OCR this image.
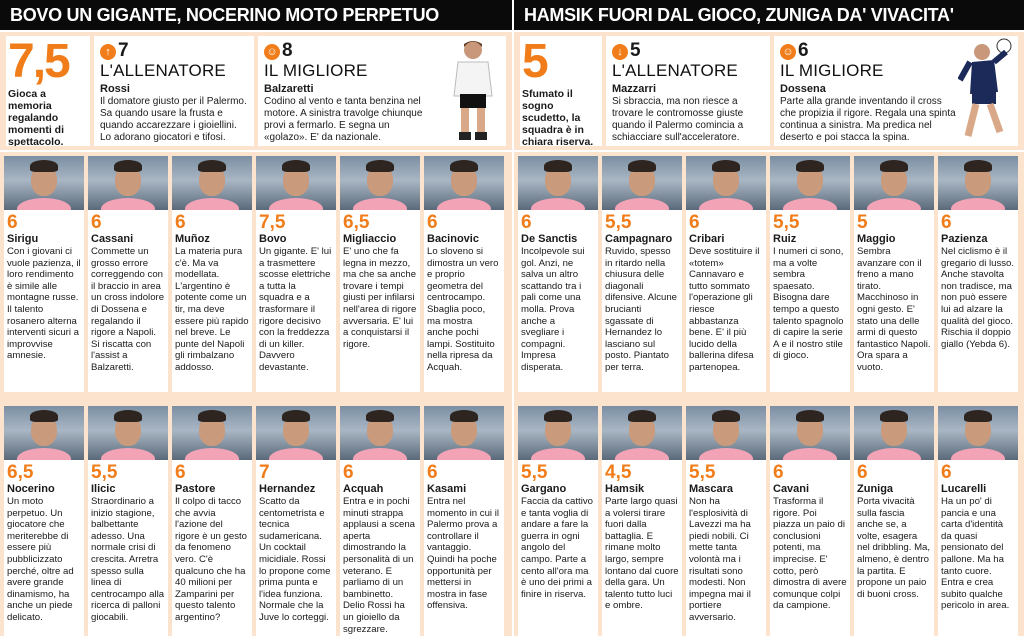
BOVO UN GIGANTE, NOCERINO MOTO PERPETUO
7,5
Gioca a memoria regalando momenti di spettacolo.
↑ 7
L'ALLENATORE
Rossi
Il domatore giusto per il Palermo. Sa quando usare la frusta e quando accarezzare i gioiellini. Lo adorano giocatori e tifosi.
☺ 8
IL MIGLIORE
Balzaretti
Codino al vento e tanta benzina nel motore. A sinistra travolge chiunque provi a fermarlo. E segna un «golazo». E' da nazionale.
6
Sirigu
Con i giovani ci vuole pazienza, il loro rendimento è simile alle montagne russe. Il talento rosanero alterna interventi sicuri a improvvise amnesie.
6
Cassani
Commette un grosso errore correggendo con il braccio in area un cross indolore di Dossena e regalando il rigore a Napoli. Si riscatta con l'assist a Balzaretti.
6
Muñoz
La materia pura c'è. Ma va modellata. L'argentino è potente come un tir, ma deve essere più rapido nel breve. Le punte del Napoli gli rimbalzano addosso.
7,5
Bovo
Un gigante. E' lui a trasmettere scosse elettriche a tutta la squadra e a trasformare il rigore decisivo con la freddezza di un killer. Davvero devastante.
6,5
Migliaccio
E' uno che fa legna in mezzo, ma che sa anche trovare i tempi giusti per infilarsi nell'area di rigore avversaria. E' lui a conquistarsi il rigore.
6
Bacinovic
Lo sloveno si dimostra un vero e proprio geometra del centrocampo. Sbaglia poco, ma mostra anche pochi lampi. Sostituito nella ripresa da Acquah.
6,5
Nocerino
Un moto perpetuo. Un giocatore che meriterebbe di essere più pubblicizzato perché, oltre ad avere grande dinamismo, ha anche un piede delicato.
5,5
Ilicic
Straordinario a inizio stagione, balbettante adesso. Una normale crisi di crescita. Arretra spesso sulla linea di centrocampo alla ricerca di palloni giocabili.
6
Pastore
Il colpo di tacco che avvia l'azione del rigore è un gesto da fenomeno vero. C'è qualcuno che ha 40 milioni per Zamparini per questo talento argentino?
7
Hernandez
Scatto da centometrista e tecnica sudamericana. Un cocktail micidiale. Rossi lo propone come prima punta e l'idea funziona. Normale che la Juve lo corteggi.
6
Acquah
Entra e in pochi minuti strappa applausi a scena aperta dimostrando la personalità di un veterano. E parliamo di un bambinetto. Delio Rossi ha un gioiello da sgrezzare.
6
Kasami
Entra nel momento in cui il Palermo prova a controllare il vantaggio. Quindi ha poche opportunità per mettersi in mostra in fase offensiva.
HAMSIK FUORI DAL GIOCO, ZUNIGA DA' VIVACITA'
5
Sfumato il sogno scudetto, la squadra è in chiara riserva.
↓ 5
L'ALLENATORE
Mazzarri
Si sbraccia, ma non riesce a trovare le contromosse giuste quando il Palermo comincia a schiacciare sull'acceleratore.
☺ 6
IL MIGLIORE
Dossena
Parte alla grande inventando il cross che propizia il rigore. Regala una spinta continua a sinistra. Ma predica nel deserto e poi stacca la spina.
6
De Sanctis
Incolpevole sui gol. Anzi, ne salva un altro scattando tra i pali come una molla. Prova anche a svegliare i compagni. Impresa disperata.
5,5
Campagnaro
Ruvido, spesso in ritardo nella chiusura delle diagonali difensive. Alcune brucianti sgassate di Hernandez lo lasciano sul posto. Piantato per terra.
6
Cribari
Deve sostituire il «totem» Cannavaro e tutto sommato l'operazione gli riesce abbastanza bene. E' il più lucido della ballerina difesa partenopea.
5,5
Ruiz
I numeri ci sono, ma a volte sembra spaesato. Bisogna dare tempo a questo talento spagnolo di capire la serie A e il nostro stile di gioco.
5
Maggio
Sembra avanzare con il freno a mano tirato. Macchinoso in ogni gesto. E' stato una delle armi di questo fantastico Napoli. Ora spara a vuoto.
6
Pazienza
Nel ciclismo è il gregario di lusso. Anche stavolta non tradisce, ma non può essere lui ad alzare la qualità del gioco. Rischia il doppio giallo (Yebda 6).
5,5
Gargano
Faccia da cattivo e tanta voglia di andare a fare la guerra in ogni angolo del campo. Parte a cento all'ora ma è uno dei primi a finire in riserva.
4,5
Hamsik
Parte largo quasi a volersi tirare fuori dalla battaglia. E rimane molto largo, sempre lontano dal cuore della gara. Un talento tutto luci e ombre.
5,5
Mascara
Non ha l'esplosività di Lavezzi ma ha piedi nobili. Ci mette tanta volontà ma i risultati sono modesti. Non impegna mai il portiere avversario.
6
Cavani
Trasforma il rigore. Poi piazza un paio di conclusioni potenti, ma imprecise. E' cotto, però dimostra di avere comunque colpi da campione.
6
Zuniga
Porta vivacità sulla fascia anche se, a volte, esagera nel dribbling. Ma, almeno, è dentro la partita. E propone un paio di buoni cross.
6
Lucarelli
Ha un po' di pancia e una carta d'identità da quasi pensionato del pallone. Ma ha tanto cuore. Entra e crea subito qualche pericolo in area.
